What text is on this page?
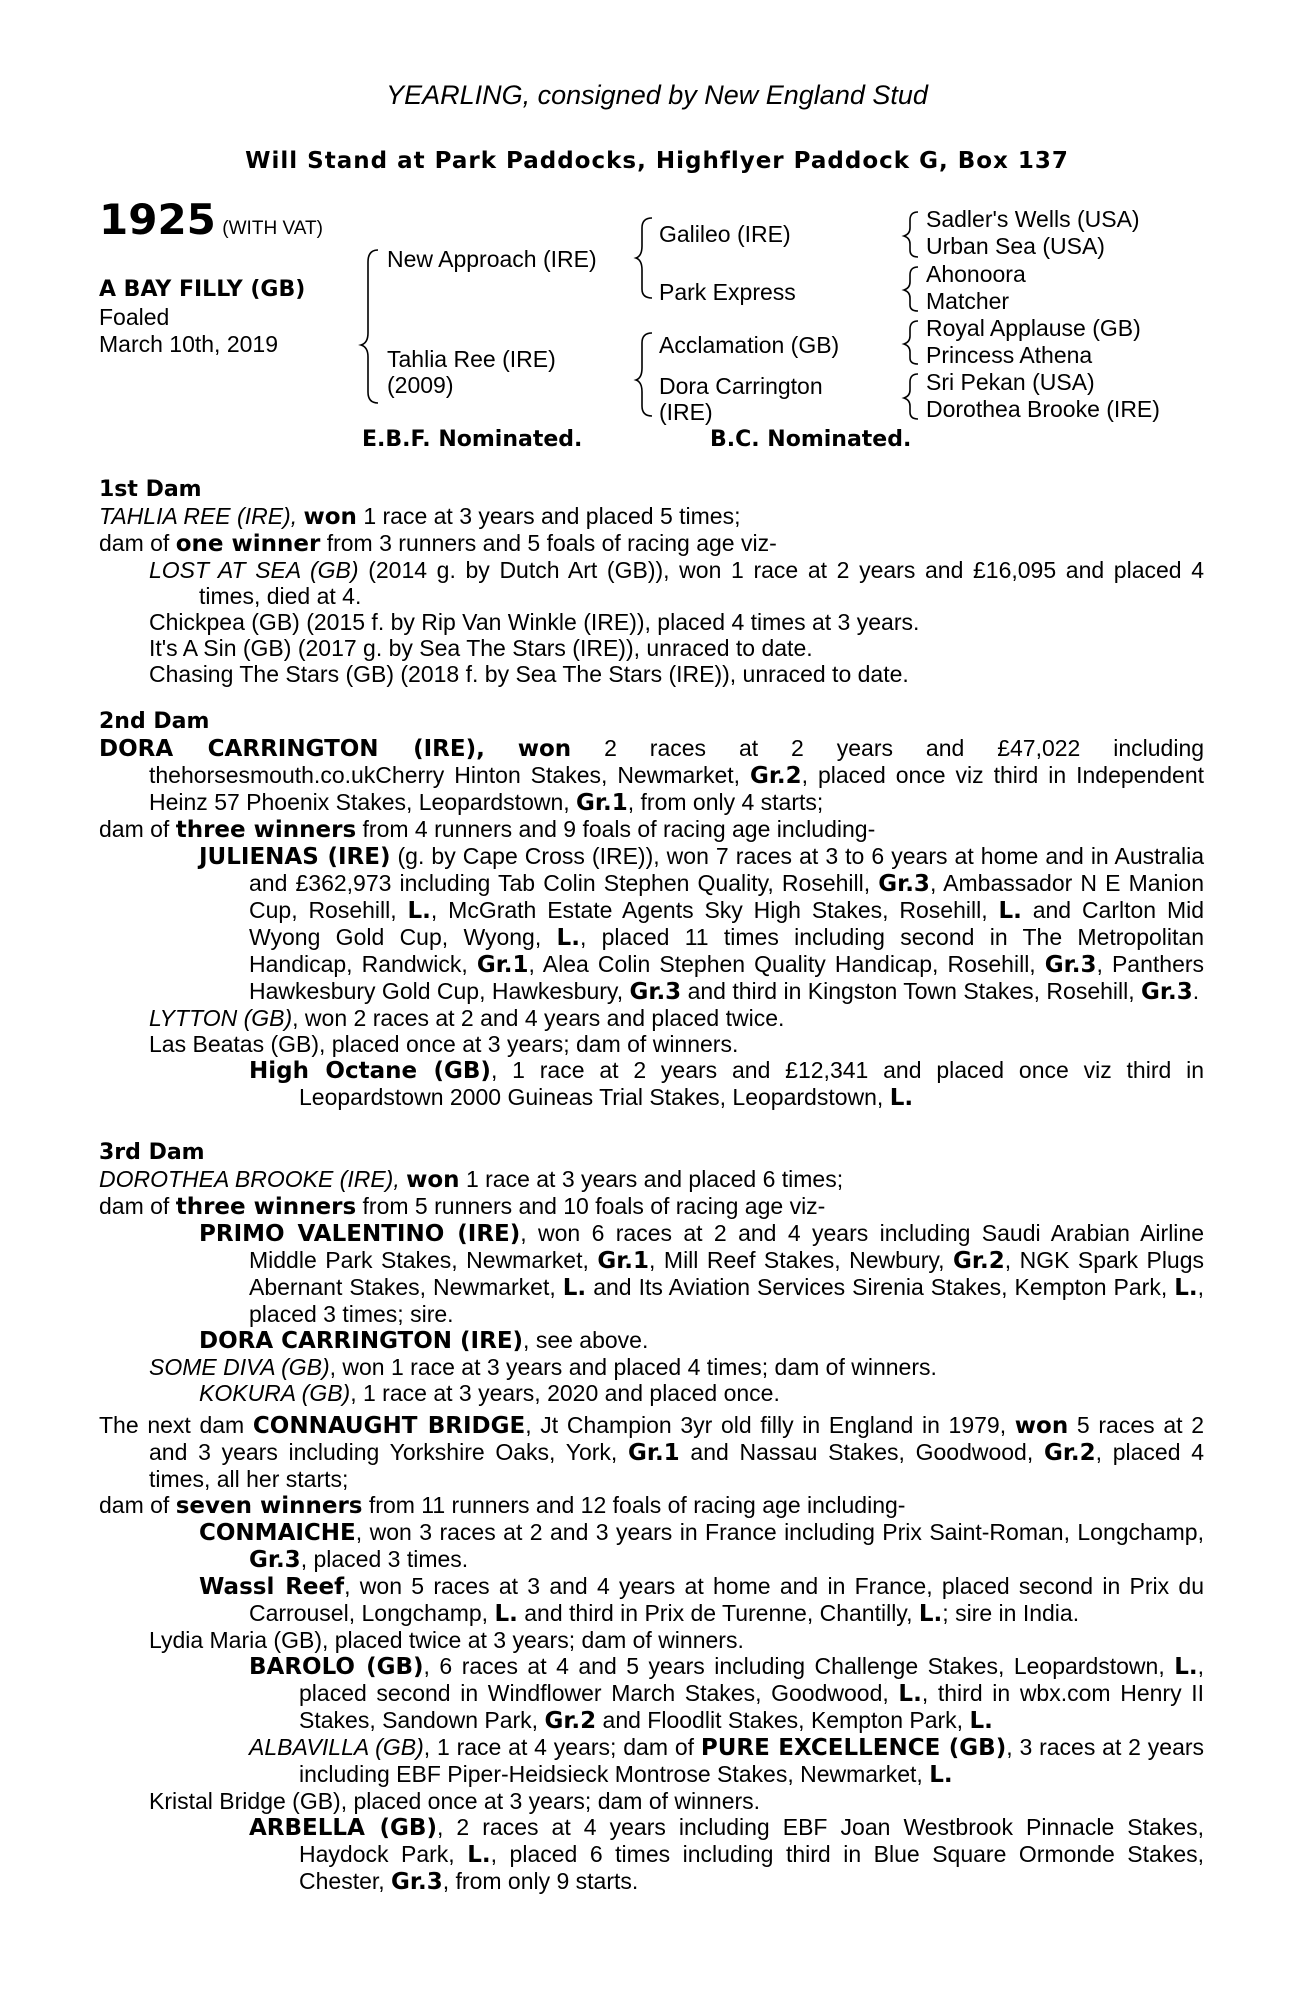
YEARLING, consigned by New England Stud
Will Stand at Park Paddocks, Highflyer Paddock G, Box 137
1925 (WITH VAT)
A BAY FILLY (GB)
Foaled
March 10th, 2019
New Approach (IRE)
Tahlia Ree (IRE)
(2009)
Galileo (IRE)
Park Express
Acclamation (GB)
Dora Carrington
(IRE)
Sadler's Wells (USA)
Urban Sea (USA)
Ahonoora
Matcher
Royal Applause (GB)
Princess Athena
Sri Pekan (USA)
Dorothea Brooke (IRE)
E.B.F. Nominated.	B.C. Nominated.
1st Dam

TAHLIA REE (IRE), won 1 race at 3 years and placed 5 times;

dam of one winner from 3 runners and 5 foals of racing age viz-

LOST AT SEA (GB) (2014 g. by Dutch Art (GB)), won 1 race at 2 years and £16,095 and placed 4 times, died at 4.

Chickpea (GB) (2015 f. by Rip Van Winkle (IRE)), placed 4 times at 3 years.

It's A Sin (GB) (2017 g. by Sea The Stars (IRE)), unraced to date.

Chasing The Stars (GB) (2018 f. by Sea The Stars (IRE)), unraced to date.

2nd Dam

DORA CARRINGTON (IRE), won 2 races at 2 years and £47,022 including thehorsesmouth.co.ukCherry Hinton Stakes, Newmarket, Gr.2, placed once viz third in Independent Heinz 57 Phoenix Stakes, Leopardstown, Gr.1, from only 4 starts;

dam of three winners from 4 runners and 9 foals of racing age including-

JULIENAS (IRE) (g. by Cape Cross (IRE)), won 7 races at 3 to 6 years at home and in Australia and £362,973 including Tab Colin Stephen Quality, Rosehill, Gr.3, Ambassador N E Manion Cup, Rosehill, L., McGrath Estate Agents Sky High Stakes, Rosehill, L. and Carlton Mid Wyong Gold Cup, Wyong, L., placed 11 times including second in The Metropolitan Handicap, Randwick, Gr.1, Alea Colin Stephen Quality Handicap, Rosehill, Gr.3, Panthers Hawkesbury Gold Cup, Hawkesbury, Gr.3 and third in Kingston Town Stakes, Rosehill, Gr.3.

LYTTON (GB), won 2 races at 2 and 4 years and placed twice.

Las Beatas (GB), placed once at 3 years; dam of winners.

High Octane (GB), 1 race at 2 years and £12,341 and placed once viz third in Leopardstown 2000 Guineas Trial Stakes, Leopardstown, L.

3rd Dam

DOROTHEA BROOKE (IRE), won 1 race at 3 years and placed 6 times;

dam of three winners from 5 runners and 10 foals of racing age viz-

PRIMO VALENTINO (IRE), won 6 races at 2 and 4 years including Saudi Arabian Airline Middle Park Stakes, Newmarket, Gr.1, Mill Reef Stakes, Newbury, Gr.2, NGK Spark Plugs Abernant Stakes, Newmarket, L. and Its Aviation Services Sirenia Stakes, Kempton Park, L., placed 3 times; sire.

DORA CARRINGTON (IRE), see above.

SOME DIVA (GB), won 1 race at 3 years and placed 4 times; dam of winners.

KOKURA (GB), 1 race at 3 years, 2020 and placed once.

The next dam CONNAUGHT BRIDGE, Jt Champion 3yr old filly in England in 1979, won 5 races at 2 and 3 years including Yorkshire Oaks, York, Gr.1 and Nassau Stakes, Goodwood, Gr.2, placed 4 times, all her starts;

dam of seven winners from 11 runners and 12 foals of racing age including-

CONMAICHE, won 3 races at 2 and 3 years in France including Prix Saint-Roman, Longchamp, Gr.3, placed 3 times.

Wassl Reef, won 5 races at 3 and 4 years at home and in France, placed second in Prix du Carrousel, Longchamp, L. and third in Prix de Turenne, Chantilly, L.; sire in India.

Lydia Maria (GB), placed twice at 3 years; dam of winners.

BAROLO (GB), 6 races at 4 and 5 years including Challenge Stakes, Leopardstown, L., placed second in Windflower March Stakes, Goodwood, L., third in wbx.com Henry II Stakes, Sandown Park, Gr.2 and Floodlit Stakes, Kempton Park, L.

ALBAVILLA (GB), 1 race at 4 years; dam of PURE EXCELLENCE (GB), 3 races at 2 years including EBF Piper-Heidsieck Montrose Stakes, Newmarket, L.

Kristal Bridge (GB), placed once at 3 years; dam of winners.

ARBELLA (GB), 2 races at 4 years including EBF Joan Westbrook Pinnacle Stakes, Haydock Park, L., placed 6 times including third in Blue Square Ormonde Stakes, Chester, Gr.3, from only 9 starts.
